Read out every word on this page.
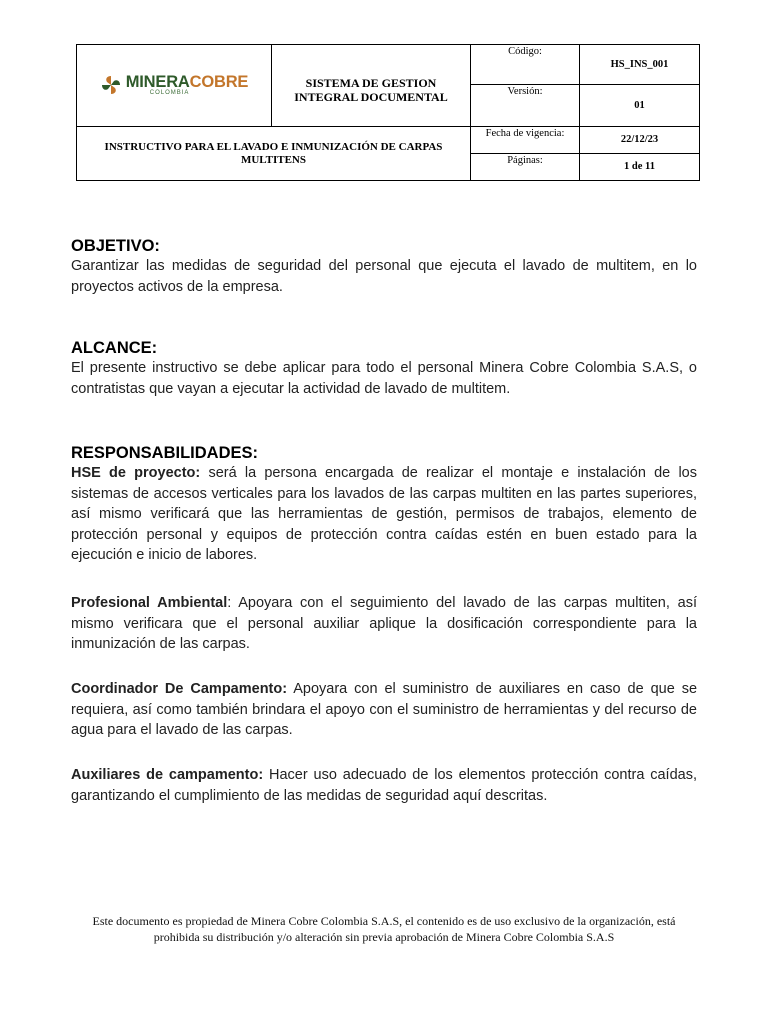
MINERACOBRE
COLOMBIA	SISTEMA DE GESTION INTEGRAL DOCUMENTAL	Código:	HS_INS_001
		Versión:	01
INSTRUCTIVO PARA EL LAVADO E INMUNIZACIÓN DE CARPAS MULTITENS		Fecha de vigencia:	22/12/23
		Páginas:	1 de 11
OBJETIVO:

Garantizar las medidas de seguridad del personal que ejecuta el lavado de multitem, en lo proyectos activos de la empresa.

ALCANCE:

El presente instructivo se debe aplicar para todo el personal Minera Cobre Colombia S.A.S, o contratistas que vayan a ejecutar la actividad de lavado de multitem.

RESPONSABILIDADES:

HSE de proyecto: será la persona encargada de realizar el montaje e instalación de los sistemas de accesos verticales para los lavados de las carpas multiten en las partes superiores, así mismo verificará que las herramientas de gestión, permisos de trabajos, elemento de protección personal y equipos de protección contra caídas estén en buen estado para la ejecución e inicio de labores.

Profesional Ambiental: Apoyara con el seguimiento del lavado de las carpas multiten, así mismo verificara que el personal auxiliar aplique la dosificación correspondiente para la inmunización de las carpas.

Coordinador De Campamento: Apoyara con el suministro de auxiliares en caso de que se requiera, así como también brindara el apoyo con el suministro de herramientas y del recurso de agua para el lavado de las carpas.

Auxiliares de campamento: Hacer uso adecuado de los elementos protección contra caídas, garantizando el cumplimiento de las medidas de seguridad aquí descritas.

Este documento es propiedad de Minera Cobre Colombia S.A.S, el contenido es de uso exclusivo de la organización, está prohibida su distribución y/o alteración sin previa aprobación de Minera Cobre Colombia S.A.S
